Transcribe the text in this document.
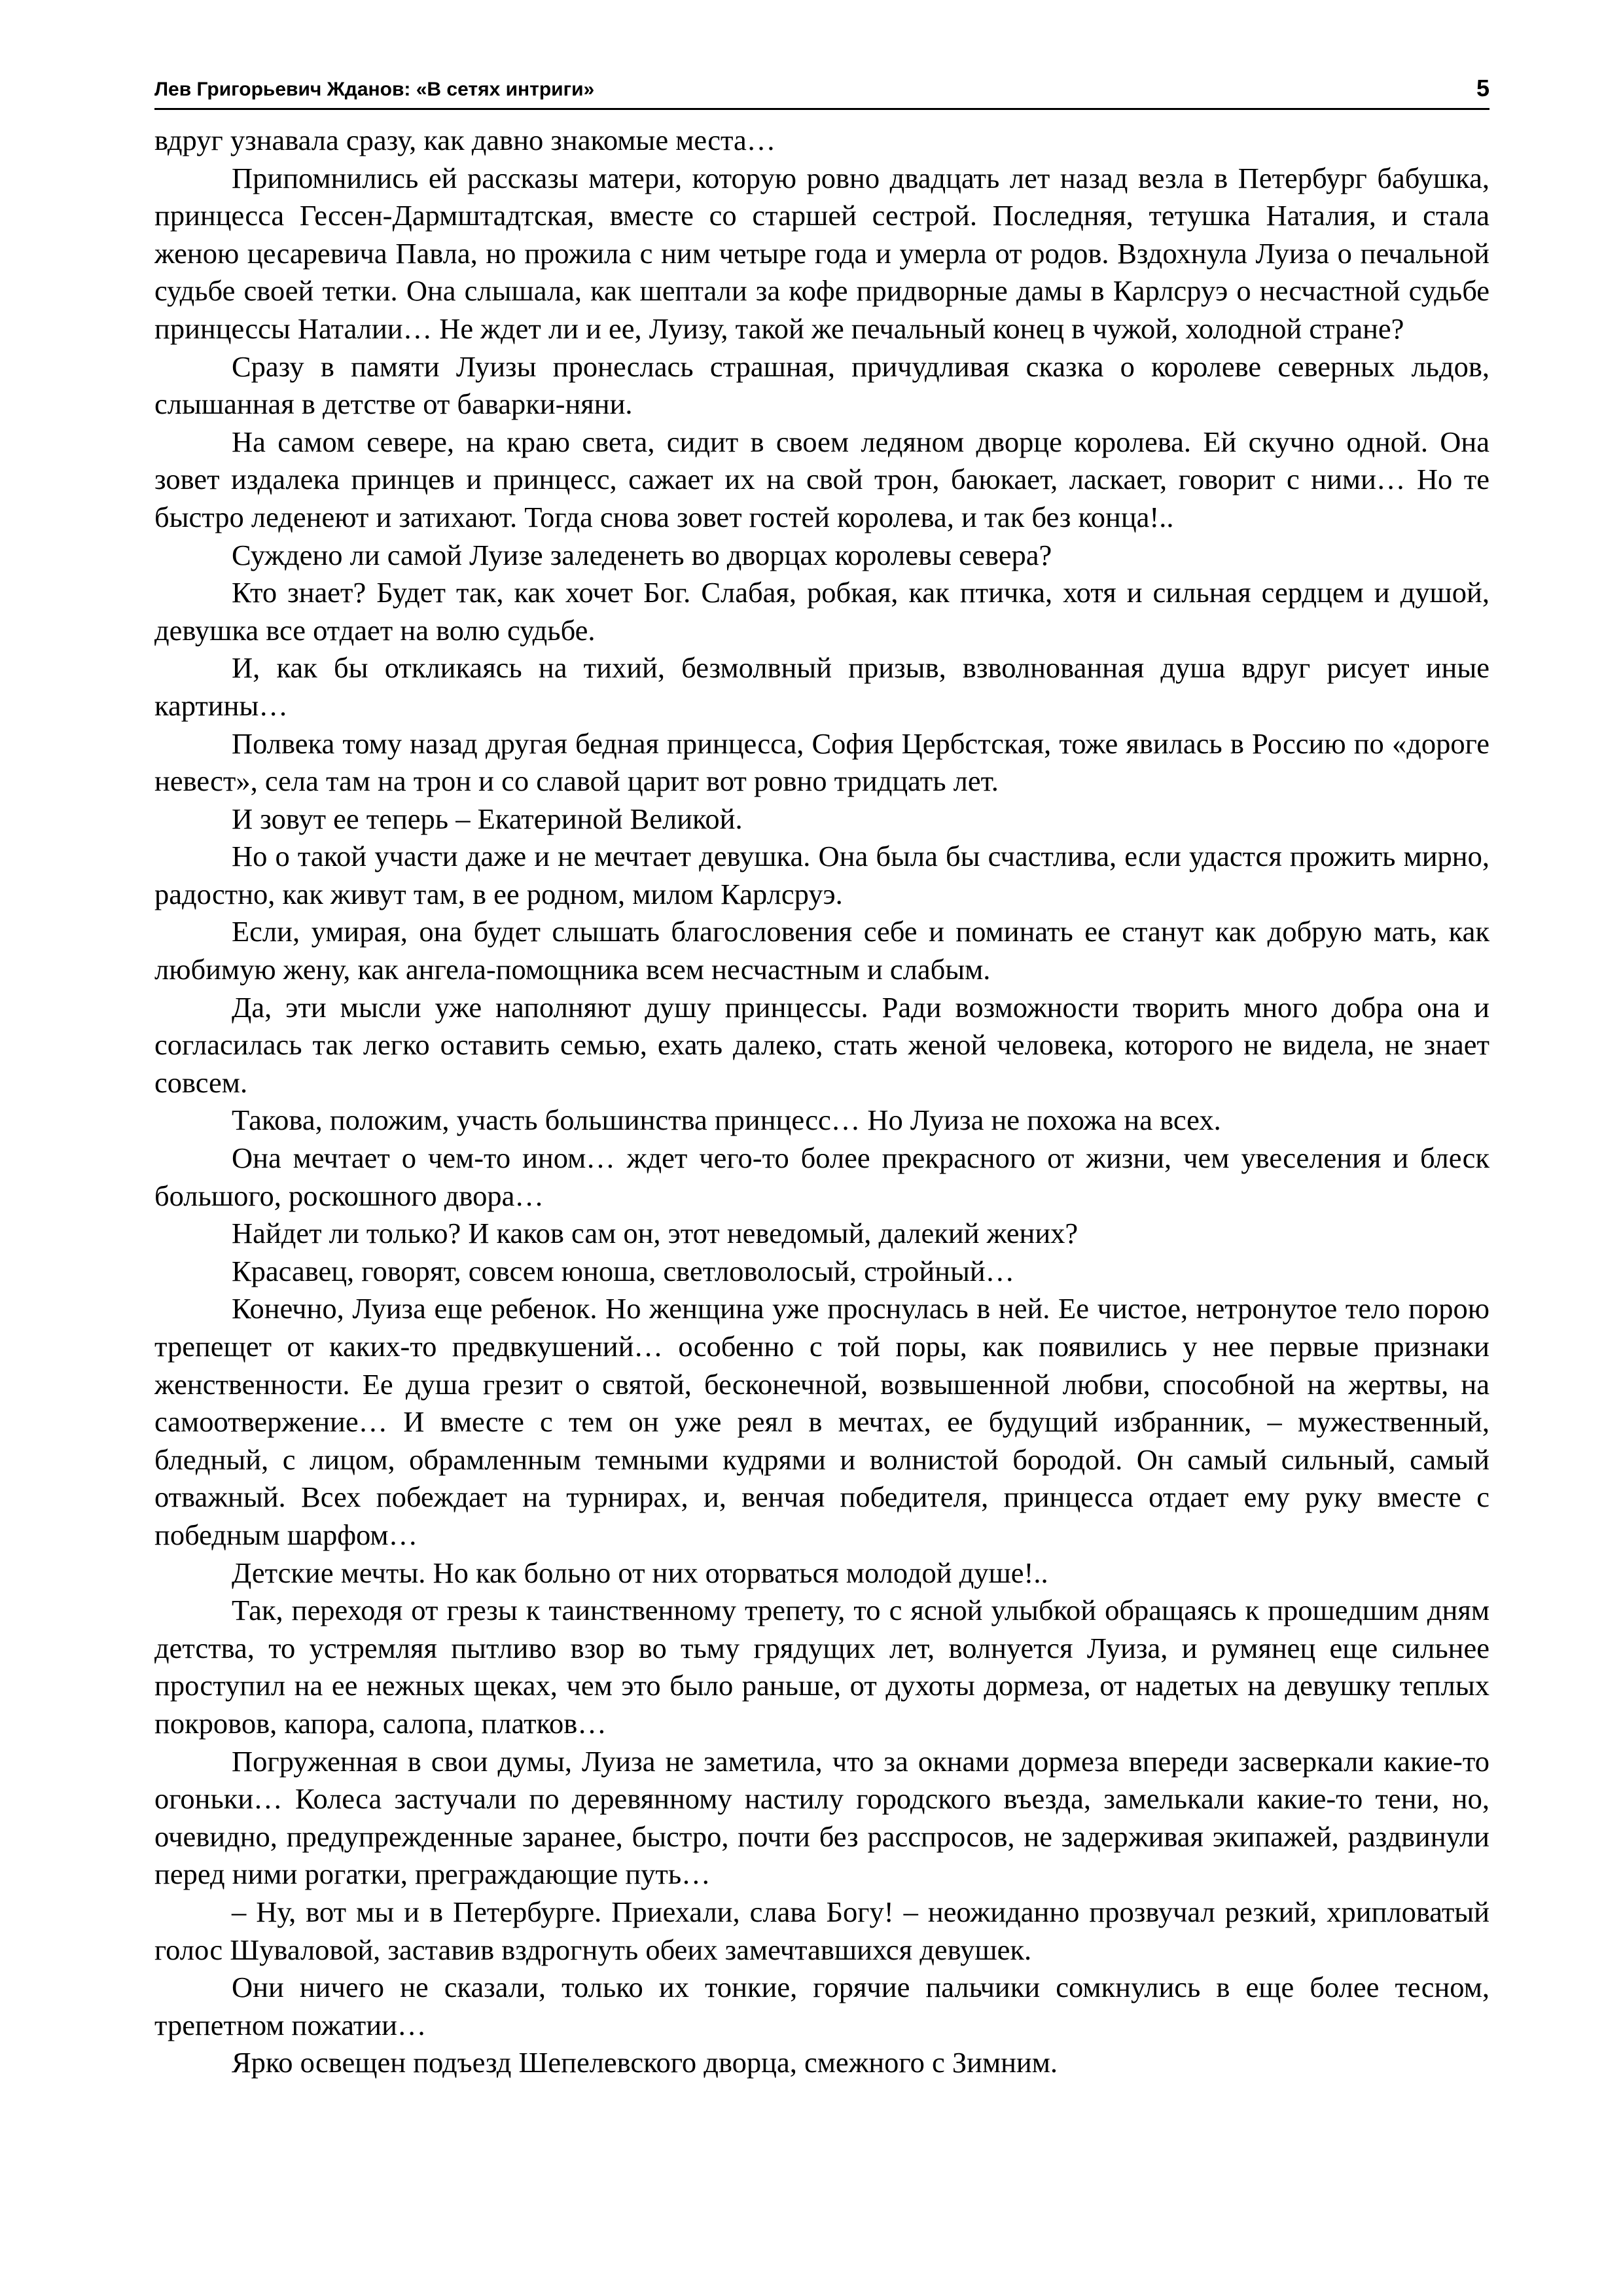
Лев Григорьевич Жданов: «В сетях интриги»	5

вдруг узнавала сразу, как давно знакомые места…

Припомнились ей рассказы матери, которую ровно двадцать лет назад везла в Петербург бабушка, принцесса Гессен-Дармштадтская, вместе со старшей сестрой. Последняя, тетушка Наталия, и стала женою цесаревича Павла, но прожила с ним четыре года и умерла от родов. Вздохнула Луиза о печальной судьбе своей тетки. Она слышала, как шептали за кофе придворные дамы в Карлсруэ о несчастной судьбе принцессы Наталии… Не ждет ли и ее, Луизу, такой же печальный конец в чужой, холодной стране?

Сразу в памяти Луизы пронеслась страшная, причудливая сказка о королеве северных льдов, слышанная в детстве от баварки-няни.

На самом севере, на краю света, сидит в своем ледяном дворце королева. Ей скучно одной. Она зовет издалека принцев и принцесс, сажает их на свой трон, баюкает, ласкает, говорит с ними… Но те быстро леденеют и затихают. Тогда снова зовет гостей королева, и так без конца!..

Суждено ли самой Луизе заледенеть во дворцах королевы севера?

Кто знает? Будет так, как хочет Бог. Слабая, робкая, как птичка, хотя и сильная сердцем и душой, девушка все отдает на волю судьбе.

И, как бы откликаясь на тихий, безмолвный призыв, взволнованная душа вдруг рисует иные картины…

Полвека тому назад другая бедная принцесса, София Цербстская, тоже явилась в Россию по «дороге невест», села там на трон и со славой царит вот ровно тридцать лет.

И зовут ее теперь – Екатериной Великой.

Но о такой участи даже и не мечтает девушка. Она была бы счастлива, если удастся прожить мирно, радостно, как живут там, в ее родном, милом Карлсруэ.

Если, умирая, она будет слышать благословения себе и поминать ее станут как добрую мать, как любимую жену, как ангела-помощника всем несчастным и слабым.

Да, эти мысли уже наполняют душу принцессы. Ради возможности творить много добра она и согласилась так легко оставить семью, ехать далеко, стать женой человека, которого не видела, не знает совсем.

Такова, положим, участь большинства принцесс… Но Луиза не похожа на всех.

Она мечтает о чем-то ином… ждет чего-то более прекрасного от жизни, чем увеселения и блеск большого, роскошного двора…

Найдет ли только? И каков сам он, этот неведомый, далекий жених?

Красавец, говорят, совсем юноша, светловолосый, стройный…

Конечно, Луиза еще ребенок. Но женщина уже проснулась в ней. Ее чистое, нетронутое тело порою трепещет от каких-то предвкушений… особенно с той поры, как появились у нее первые признаки женственности. Ее душа грезит о святой, бесконечной, возвышенной любви, способной на жертвы, на самоотвержение… И вместе с тем он уже реял в мечтах, ее будущий избранник, – мужественный, бледный, с лицом, обрамленным темными кудрями и волнистой бородой. Он самый сильный, самый отважный. Всех побеждает на турнирах, и, венчая победителя, принцесса отдает ему руку вместе с победным шарфом…

Детские мечты. Но как больно от них оторваться молодой душе!..

Так, переходя от грезы к таинственному трепету, то с ясной улыбкой обращаясь к прошедшим дням детства, то устремляя пытливо взор во тьму грядущих лет, волнуется Луиза, и румянец еще сильнее проступил на ее нежных щеках, чем это было раньше, от духоты дормеза, от надетых на девушку теплых покровов, капора, салопа, платков…

Погруженная в свои думы, Луиза не заметила, что за окнами дормеза впереди засверкали какие-то огоньки… Колеса застучали по деревянному настилу городского въезда, замелькали какие-то тени, но, очевидно, предупрежденные заранее, быстро, почти без расспросов, не задерживая экипажей, раздвинули перед ними рогатки, преграждающие путь…

– Ну, вот мы и в Петербурге. Приехали, слава Богу! – неожиданно прозвучал резкий, хрипловатый голос Шуваловой, заставив вздрогнуть обеих замечтавшихся девушек.

Они ничего не сказали, только их тонкие, горячие пальчики сомкнулись в еще более тесном, трепетном пожатии…

Ярко освещен подъезд Шепелевского дворца, смежного с Зимним.
